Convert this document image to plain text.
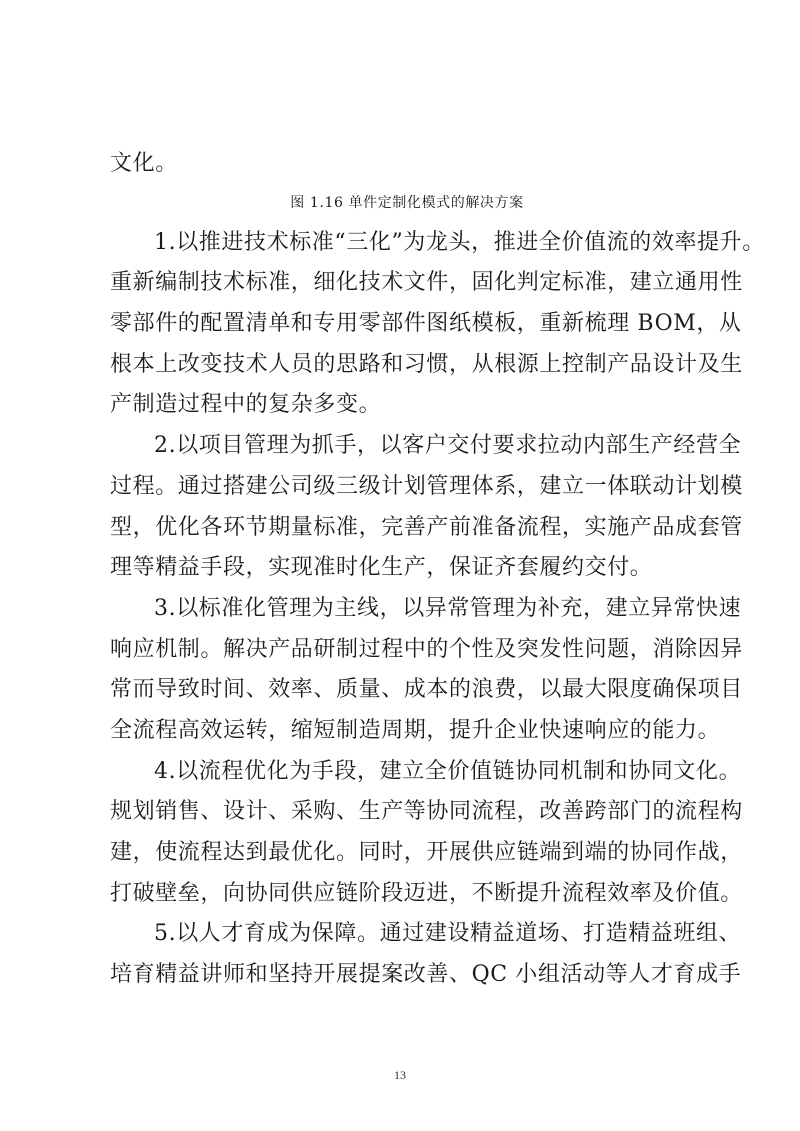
文化。
图 1.16 单件定制化模式的解决方案
1.以推进技术标准“三化”为龙头，推进全价值流的效率提升。
重新编制技术标准，细化技术文件，固化判定标准，建立通用性
零部件的配置清单和专用零部件图纸模板，重新梳理 BOM，从
根本上改变技术人员的思路和习惯，从根源上控制产品设计及生
产制造过程中的复杂多变。
2.以项目管理为抓手，以客户交付要求拉动内部生产经营全
过程。通过搭建公司级三级计划管理体系，建立一体联动计划模
型，优化各环节期量标准，完善产前准备流程，实施产品成套管
理等精益手段，实现准时化生产，保证齐套履约交付。
3.以标准化管理为主线，以异常管理为补充，建立异常快速
响应机制。解决产品研制过程中的个性及突发性问题，消除因异
常而导致时间、效率、质量、成本的浪费，以最大限度确保项目
全流程高效运转，缩短制造周期，提升企业快速响应的能力。
4.以流程优化为手段，建立全价值链协同机制和协同文化。
规划销售、设计、采购、生产等协同流程，改善跨部门的流程构
建，使流程达到最优化。同时，开展供应链端到端的协同作战，
打破壁垒，向协同供应链阶段迈进，不断提升流程效率及价值。
5.以人才育成为保障。通过建设精益道场、打造精益班组、
培育精益讲师和坚持开展提案改善、QC 小组活动等人才育成手
13
